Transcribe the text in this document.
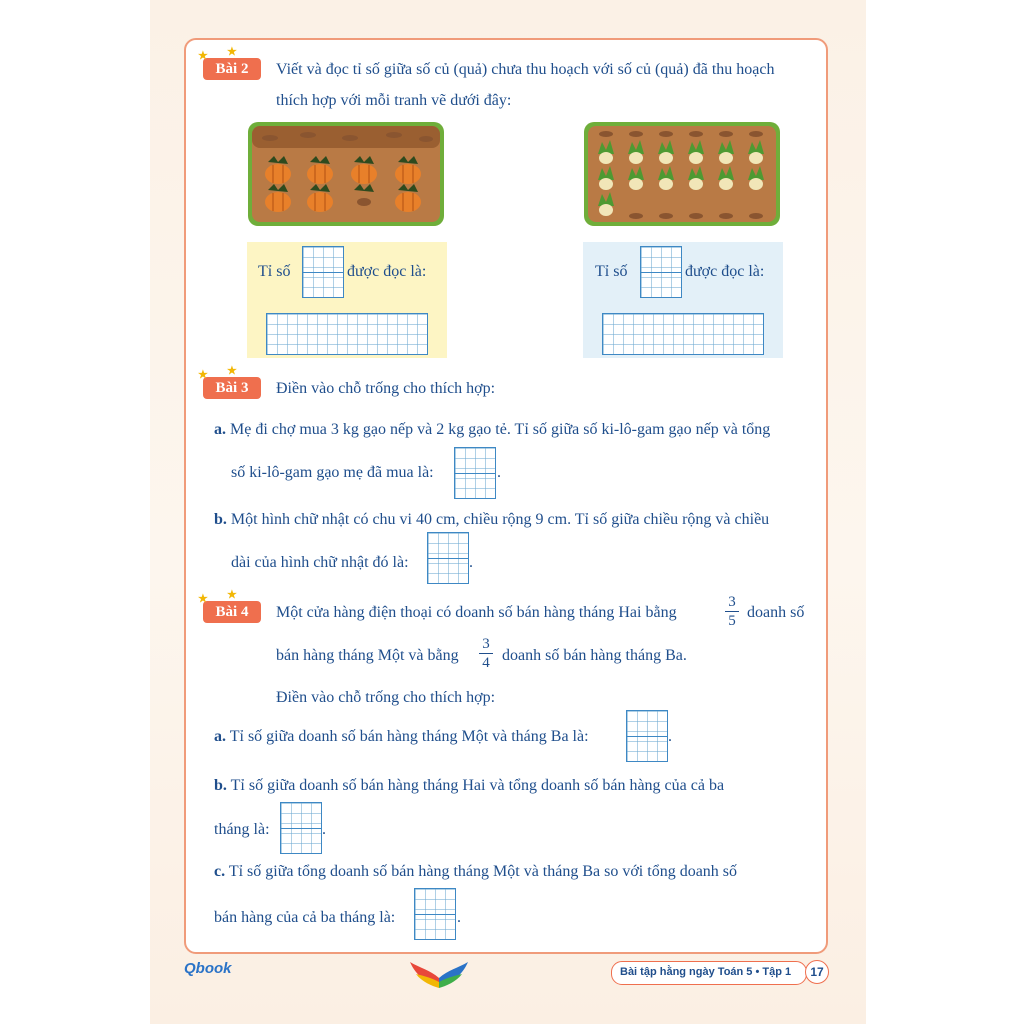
★ ★
Bài 2	Viết và đọc tỉ số giữa số củ (quả) chưa thu hoạch với số củ (quả) đã thu hoạch
thích hợp với mỗi tranh vẽ dưới đây:
Tỉ số	được đọc là:	Tỉ số	được đọc là:
★ ★
Bài 3	Điền vào chỗ trống cho thích hợp:
a. Mẹ đi chợ mua 3 kg gạo nếp và 2 kg gạo tẻ. Tỉ số giữa số ki-lô-gam gạo nếp và tổng
số ki-lô-gam gạo mẹ đã mua là:	.
b. Một hình chữ nhật có chu vi 40 cm, chiều rộng 9 cm. Tỉ số giữa chiều rộng và chiều
dài của hình chữ nhật đó là:	.
★ ★
Bài 4	Một cửa hàng điện thoại có doanh số bán hàng tháng Hai bằng
3
5 doanh số
bán hàng tháng Một và bằng
3
4 doanh số bán hàng tháng Ba.
Điền vào chỗ trống cho thích hợp:
a. Tỉ số giữa doanh số bán hàng tháng Một và tháng Ba là:	.
b. Tỉ số giữa doanh số bán hàng tháng Hai và tổng doanh số bán hàng của cả ba
tháng là:	.
c. Tỉ số giữa tổng doanh số bán hàng tháng Một và tháng Ba so với tổng doanh số
bán hàng của cả ba tháng là:	.
Qbook	Bài tập hằng ngày Toán 5 • Tập 1	17
